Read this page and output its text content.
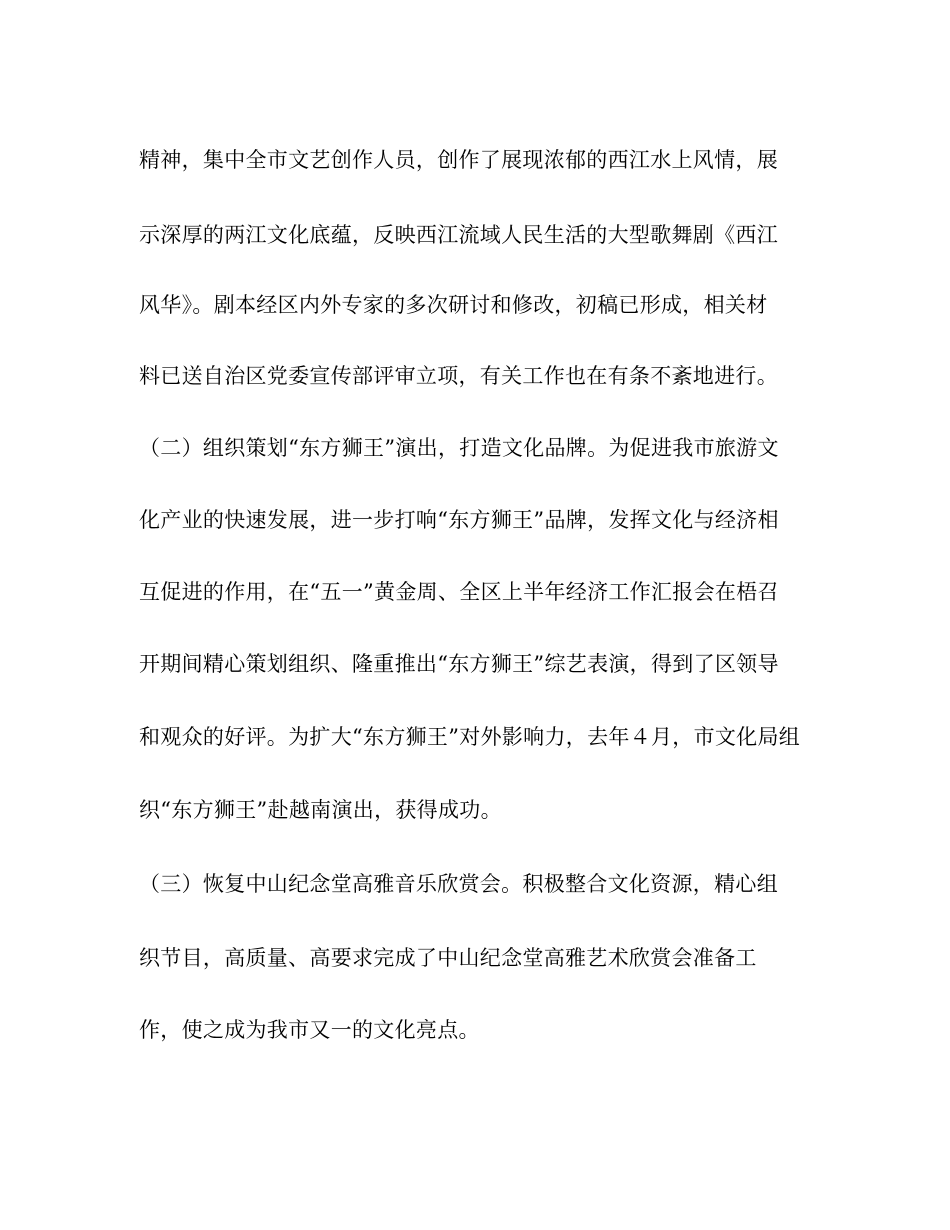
精神，集中全市文艺创作人员，创作了展现浓郁的西江水上风情，展
示深厚的两江文化底蕴，反映西江流域人民生活的大型歌舞剧《西江
风华》。剧本经区内外专家的多次研讨和修改，初稿已形成，相关材
料已送自治区党委宣传部评审立项，有关工作也在有条不紊地进行。
（二）组织策划“东方狮王”演出，打造文化品牌。为促进我市旅游文
化产业的快速发展，进一步打响“东方狮王”品牌，发挥文化与经济相
互促进的作用，在“五一”黄金周、全区上半年经济工作汇报会在梧召
开期间精心策划组织、隆重推出“东方狮王”综艺表演，得到了区领导
和观众的好评。为扩大“东方狮王”对外影响力，去年４月，市文化局组
织“东方狮王”赴越南演出，获得成功。
（三）恢复中山纪念堂高雅音乐欣赏会。积极整合文化资源，精心组
织节目，高质量、高要求完成了中山纪念堂高雅艺术欣赏会准备工
作，使之成为我市又一的文化亮点。
